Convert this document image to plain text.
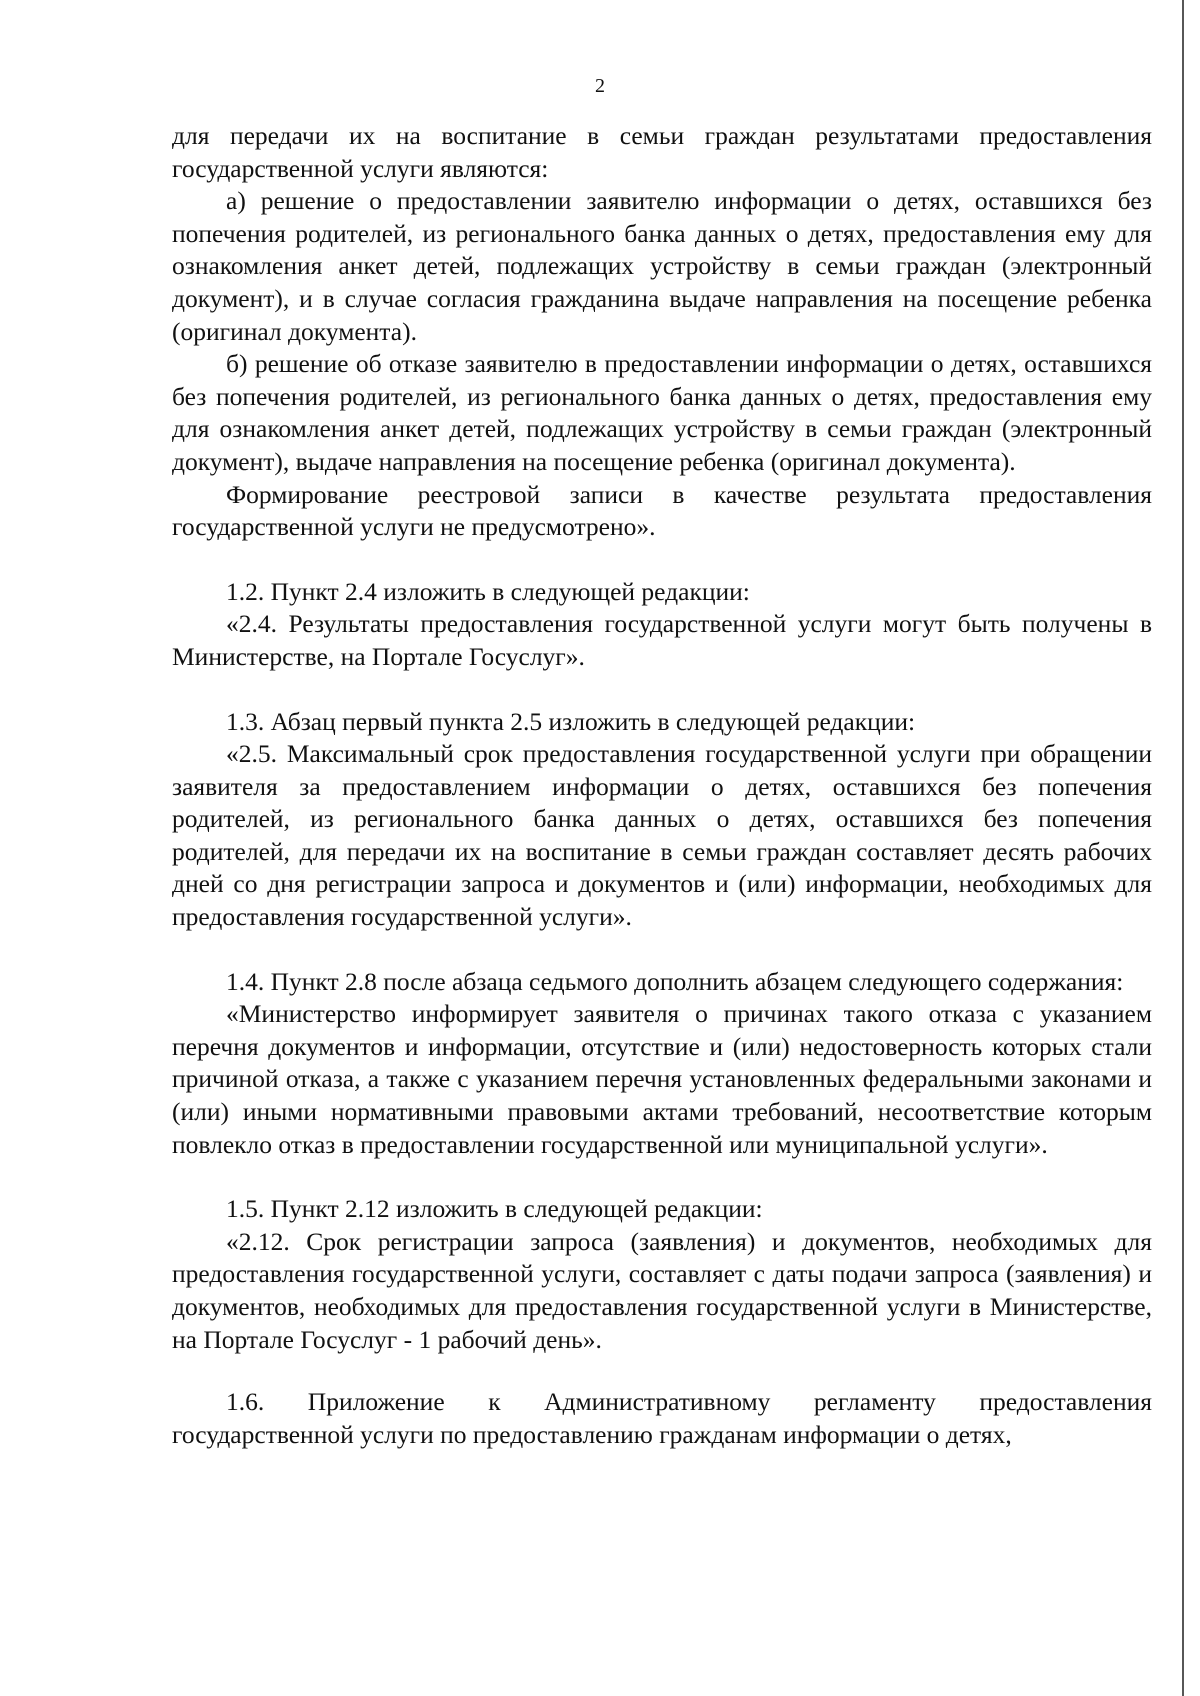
2

для передачи их на воспитание в семьи граждан результатами предоставления государственной услуги являются:

а) решение о предоставлении заявителю информации о детях, оставшихся без попечения родителей, из регионального банка данных о детях, предоставления ему для ознакомления анкет детей, подлежащих устройству в семьи граждан (электронный документ), и в случае согласия гражданина выдаче направления на посещение ребенка (оригинал документа).

б) решение об отказе заявителю в предоставлении информации о детях, оставшихся без попечения родителей, из регионального банка данных о детях, предоставления ему для ознакомления анкет детей, подлежащих устройству в семьи граждан (электронный документ), выдаче направления на посещение ребенка (оригинал документа).

Формирование реестровой записи в качестве результата предоставления государственной услуги не предусмотрено».

1.2. Пункт 2.4 изложить в следующей редакции:

«2.4. Результаты предоставления государственной услуги могут быть получены в Министерстве, на Портале Госуслуг».

1.3. Абзац первый пункта 2.5 изложить в следующей редакции:

«2.5. Максимальный срок предоставления государственной услуги при обращении заявителя за предоставлением информации о детях, оставшихся без попечения родителей, из регионального банка данных о детях, оставшихся без попечения родителей, для передачи их на воспитание в семьи граждан составляет десять рабочих дней со дня регистрации запроса и документов и (или) информации, необходимых для предоставления государственной услуги».

1.4. Пункт 2.8 после абзаца седьмого дополнить абзацем следующего содержания:

«Министерство информирует заявителя о причинах такого отказа с указанием перечня документов и информации, отсутствие и (или) недостоверность которых стали причиной отказа, а также с указанием перечня установленных федеральными законами и (или) иными нормативными правовыми актами требований, несоответствие которым повлекло отказ в предоставлении государственной или муниципальной услуги».

1.5. Пункт 2.12 изложить в следующей редакции:

«2.12. Срок регистрации запроса (заявления) и документов, необходимых для предоставления государственной услуги, составляет с даты подачи запроса (заявления) и документов, необходимых для предоставления государственной услуги в Министерстве, на Портале Госуслуг - 1 рабочий день».

1.6. Приложение к Административному регламенту предоставления государственной услуги по предоставлению гражданам информации о детях,
